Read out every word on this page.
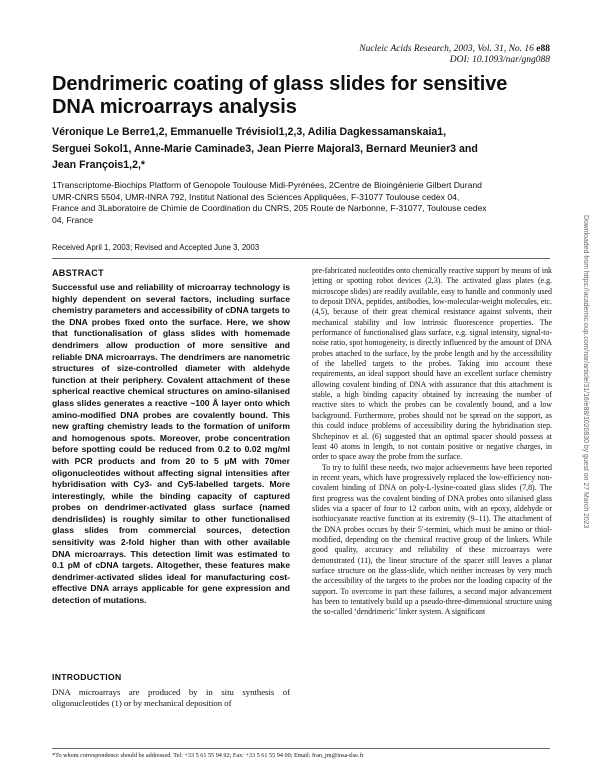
Nucleic Acids Research, 2003, Vol. 31, No. 16 e88
DOI: 10.1093/nar/gng088
Dendrimeric coating of glass slides for sensitive
DNA microarrays analysis
Véronique Le Berre1,2, Emmanuelle Trévisiol1,2,3, Adilia Dagkessamanskaia1,
Serguei Sokol1, Anne-Marie Caminade3, Jean Pierre Majoral3, Bernard Meunier3 and
Jean François1,2,*
1Transcriptome-Biochips Platform of Genopole Toulouse Midi-Pyrénées, 2Centre de Bioingénierie Gilbert Durand
UMR-CNRS 5504, UMR-INRA 792, Institut National des Sciences Appliquées, F-31077 Toulouse cedex 04,
France and 3Laboratoire de Chimie de Coordination du CNRS, 205 Route de Narbonne, F-31077, Toulouse cedex
04, France
Received April 1, 2003; Revised and Accepted June 3, 2003
ABSTRACT
Successful use and reliability of microarray technology is highly dependent on several factors, including surface chemistry parameters and accessibility of cDNA targets to the DNA probes fixed onto the surface. Here, we show that functionalisation of glass slides with homemade dendrimers allow production of more sensitive and reliable DNA microarrays. The dendrimers are nanometric structures of size-controlled diameter with aldehyde function at their periphery. Covalent attachment of these spherical reactive chemical structures on amino-silanised glass slides generates a reactive ~100 Å layer onto which amino-modified DNA probes are covalently bound. This new grafting chemistry leads to the formation of uniform and homogenous spots. Moreover, probe concentration before spotting could be reduced from 0.2 to 0.02 mg/ml with PCR products and from 20 to 5 μM with 70mer oligonucleotides without affecting signal intensities after hybridisation with Cy3- and Cy5-labelled targets. More interestingly, while the binding capacity of captured probes on dendrimer-activated glass surface (named dendrislides) is roughly similar to other functionalised glass slides from commercial sources, detection sensitivity was 2-fold higher than with other available DNA microarrays. This detection limit was estimated to 0.1 pM of cDNA targets. Altogether, these features make dendrimer-activated slides ideal for manufacturing cost-effective DNA arrays applicable for gene expression and detection of mutations.
INTRODUCTION
DNA microarrays are produced by in situ synthesis of oligonucleotides (1) or by mechanical deposition of

pre-fabricated nucleotides onto chemically reactive support by means of ink jetting or spotting robot devices (2,3). The activated glass plates (e.g. microscope slides) are readily available, easy to handle and commonly used to deposit DNA, peptides, antibodies, low-molecular-weight molecules, etc. (4,5), because of their great chemical resistance against solvents, their mechanical stability and low intrinsic fluorescence properties. The performance of functionalised glass surface, e.g. signal intensity, signal-to-noise ratio, spot homogeneity, is directly influenced by the amount of DNA probes attached to the surface, by the probe length and by the accessibility of the labelled targets to the probes. Taking into account these requirements, an ideal support should have an excellent surface chemistry allowing covalent binding of DNA with assurance that this attachment is stable, a high binding capacity obtained by increasing the number of reactive sites to which the probes can be covalently bound, and a low background. Furthermore, probes should not be spread on the support, as this could induce problems of accessibility during the hybridisation step. Shchepinov et al. (6) suggested that an optimal spacer should possess at least 40 atoms in length, to not contain positive or negative charges, in order to space away the probe from the surface.

To try to fulfil these needs, two major achievements have been reported in recent years, which have progressively replaced the low-efficiency non-covalent binding of DNA on poly-L-lysine-coated glass slides (7,8). The first progress was the covalent binding of DNA probes onto silanised glass slides via a spacer of four to 12 carbon units, with an epoxy, aldehyde or isothiocyanate reactive function at its extremity (9–11). The attachment of the DNA probes occurs by their 5′-termini, which must be amino or thiol-modified, depending on the chemical reactive group of the linkers. While good quality, accuracy and reliability of these microarrays were demonstrated (11), the linear structure of the spacer still leaves a planar surface structure on the glass-slide, which neither increases by very much the accessibility of the targets to the probes nor the loading capacity of the support. To overcome in part these failures, a second major advancement has been to tentatively build up a pseudo-three-dimensional structure using the so-called ‘dendrimeric’ linker system. A significant

*To whom correspondence should be addressed. Tel: +33 5 61 55 94 92; Fax: +33 5 61 55 94 00; Email: fran_jm@insa-tlse.fr
Downloaded from https://academic.oup.com/nar/article/31/16/e88/1020830 by guest on 27 March 2023
